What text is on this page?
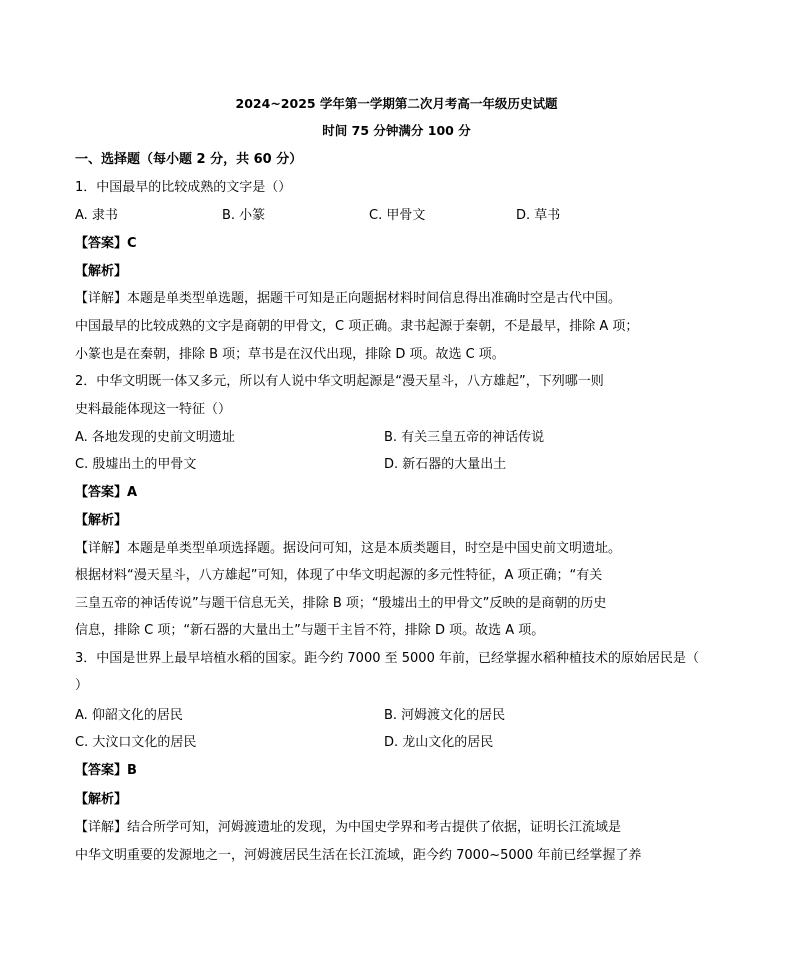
2024~2025 学年第一学期第二次月考高一年级历史试题
时间 75 分钟满分 100 分
一、选择题（每小题 2 分，共 60 分）
1．中国最早的比较成熟的文字是（）
A. 隶书	B. 小篆	C. 甲骨文	D. 草书
【答案】C
【解析】
【详解】本题是单类型单选题，据题干可知是正向题据材料时间信息得出准确时空是古代中国。
中国最早的比较成熟的文字是商朝的甲骨文，C 项正确。隶书起源于秦朝，不是最早，排除 A 项；
小篆也是在秦朝，排除 B 项；草书是在汉代出现，排除 D 项。故选 C 项。
2．中华文明既一体又多元，所以有人说中华文明起源是“漫天星斗，八方雄起”，下列哪一则
史料最能体现这一特征（）
A. 各地发现的史前文明遗址	B. 有关三皇五帝的神话传说
C. 殷墟出土的甲骨文	D. 新石器的大量出土
【答案】A
【解析】
【详解】本题是单类型单项选择题。据设问可知，这是本质类题目，时空是中国史前文明遗址。
根据材料“漫天星斗，八方雄起”可知，体现了中华文明起源的多元性特征，A 项正确；“有关
三皇五帝的神话传说”与题干信息无关，排除 B 项；“殷墟出土的甲骨文”反映的是商朝的历史
信息，排除 C 项；“新石器的大量出土”与题干主旨不符，排除 D 项。故选 A 项。
3．中国是世界上最早培植水稻的国家。距今约 7000 至 5000 年前，已经掌握水稻种植技术的原始居民是（
）
A. 仰韶文化的居民	B. 河姆渡文化的居民
C. 大汶口文化的居民	D. 龙山文化的居民
【答案】B
【解析】
【详解】结合所学可知，河姆渡遗址的发现，为中国史学界和考古提供了依据，证明长江流域是
中华文明重要的发源地之一，河姆渡居民生活在长江流域，距今约 7000~5000 年前已经掌握了养
